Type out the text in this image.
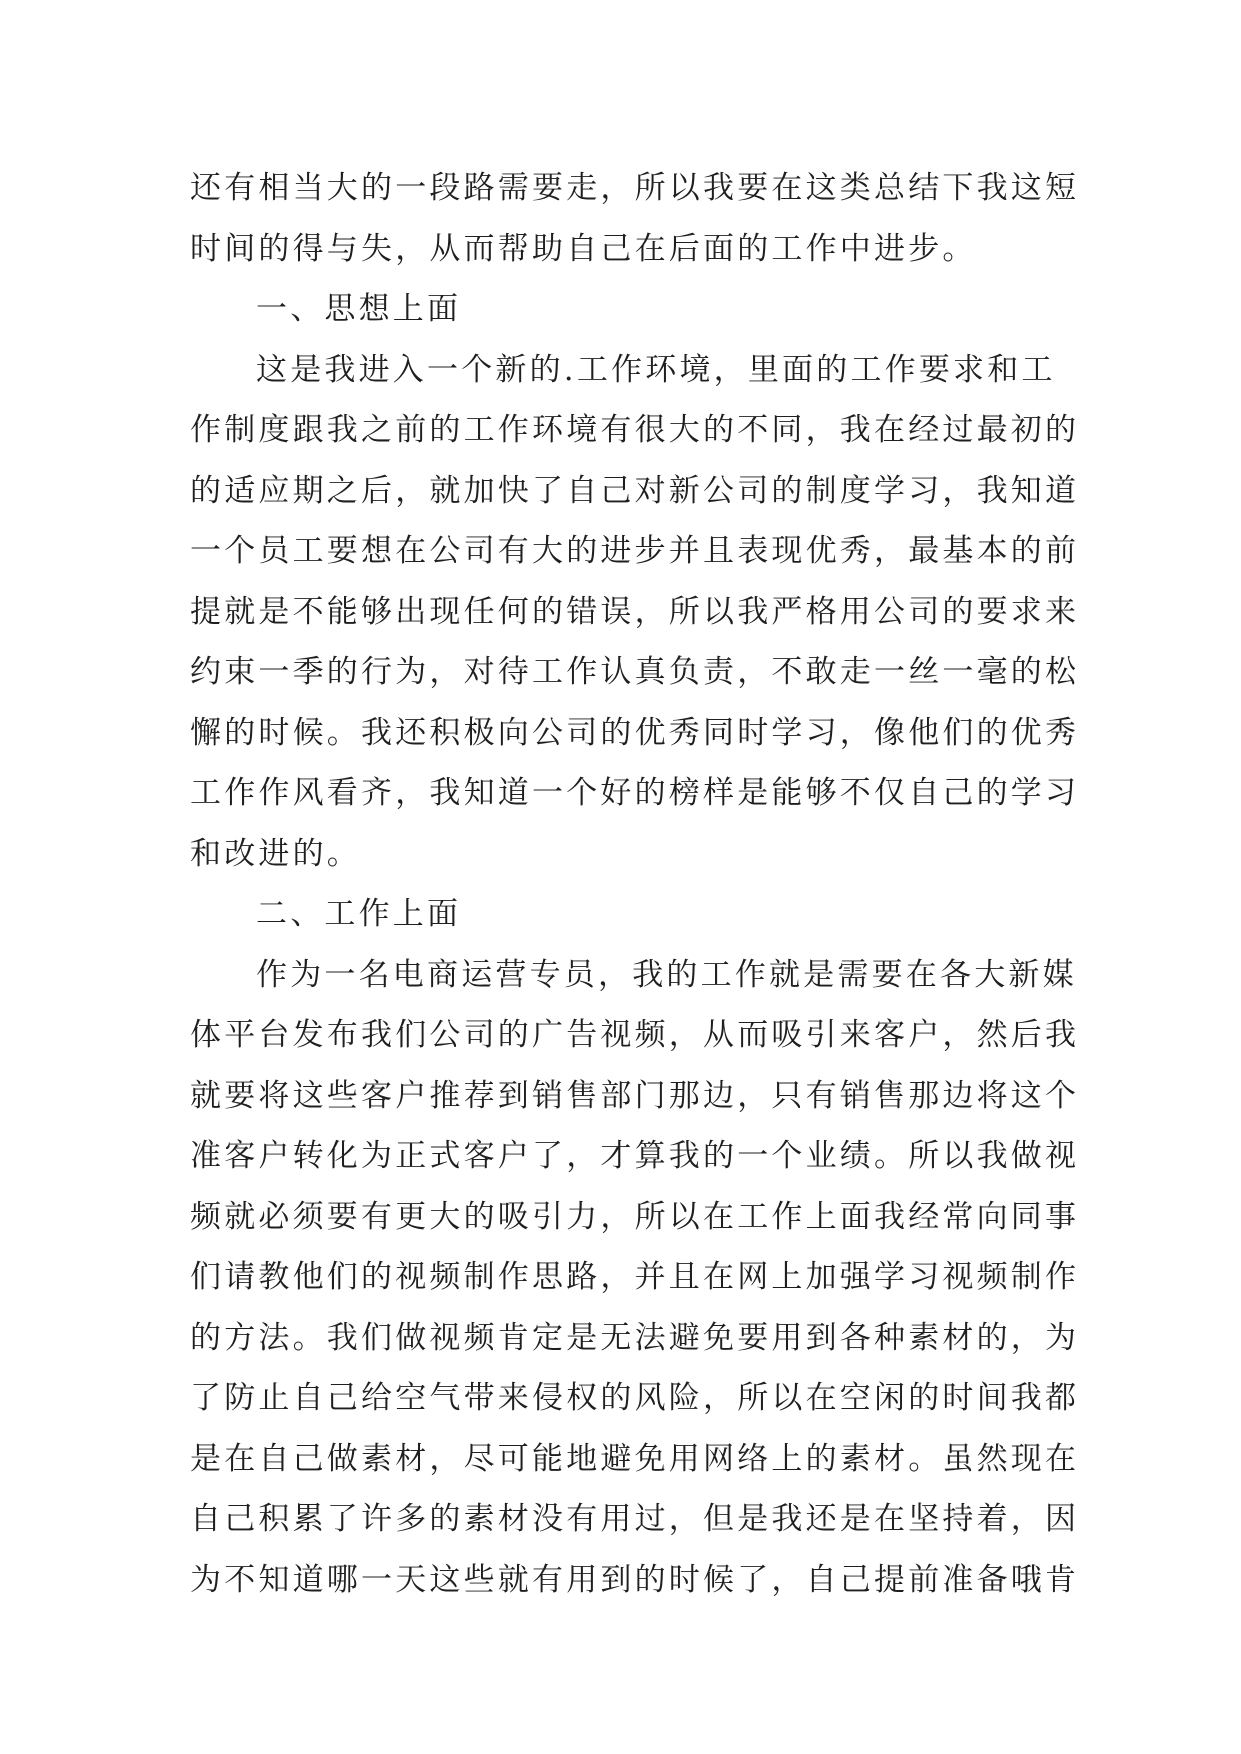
还有相当大的一段路需要走，所以我要在这类总结下我这短
时间的得与失，从而帮助自己在后面的工作中进步。
一、思想上面
这是我进入一个新的.工作环境，里面的工作要求和工
作制度跟我之前的工作环境有很大的不同，我在经过最初的
的适应期之后，就加快了自己对新公司的制度学习，我知道
一个员工要想在公司有大的进步并且表现优秀，最基本的前
提就是不能够出现任何的错误，所以我严格用公司的要求来
约束一季的行为，对待工作认真负责，不敢走一丝一毫的松
懈的时候。我还积极向公司的优秀同时学习，像他们的优秀
工作作风看齐，我知道一个好的榜样是能够不仅自己的学习
和改进的。
二、工作上面
作为一名电商运营专员，我的工作就是需要在各大新媒
体平台发布我们公司的广告视频，从而吸引来客户，然后我
就要将这些客户推荐到销售部门那边，只有销售那边将这个
准客户转化为正式客户了，才算我的一个业绩。所以我做视
频就必须要有更大的吸引力，所以在工作上面我经常向同事
们请教他们的视频制作思路，并且在网上加强学习视频制作
的方法。我们做视频肯定是无法避免要用到各种素材的，为
了防止自己给空气带来侵权的风险，所以在空闲的时间我都
是在自己做素材，尽可能地避免用网络上的素材。虽然现在
自己积累了许多的素材没有用过，但是我还是在坚持着，因
为不知道哪一天这些就有用到的时候了，自己提前准备哦肯
